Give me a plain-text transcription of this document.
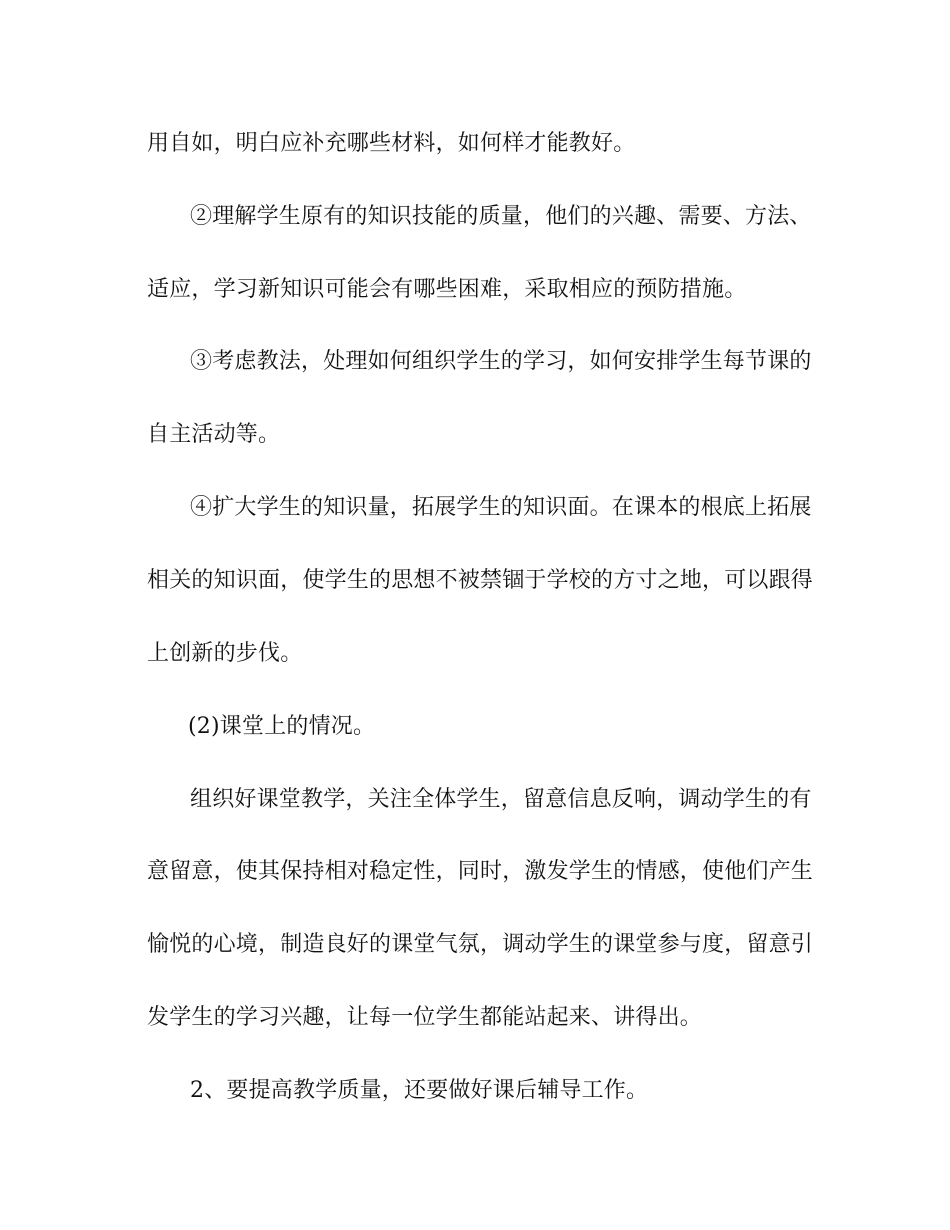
用自如，明白应补充哪些材料，如何样才能教好。
②理解学生原有的知识技能的质量，他们的兴趣、需要、方法、
适应，学习新知识可能会有哪些困难，采取相应的预防措施。
③考虑教法，处理如何组织学生的学习，如何安排学生每节课的
自主活动等。
④扩大学生的知识量，拓展学生的知识面。在课本的根底上拓展
相关的知识面，使学生的思想不被禁锢于学校的方寸之地，可以跟得
上创新的步伐。
(2)课堂上的情况。
组织好课堂教学，关注全体学生，留意信息反响，调动学生的有
意留意，使其保持相对稳定性，同时，激发学生的情感，使他们产生
愉悦的心境，制造良好的课堂气氛，调动学生的课堂参与度，留意引
发学生的学习兴趣，让每一位学生都能站起来、讲得出。
2、要提高教学质量，还要做好课后辅导工作。
